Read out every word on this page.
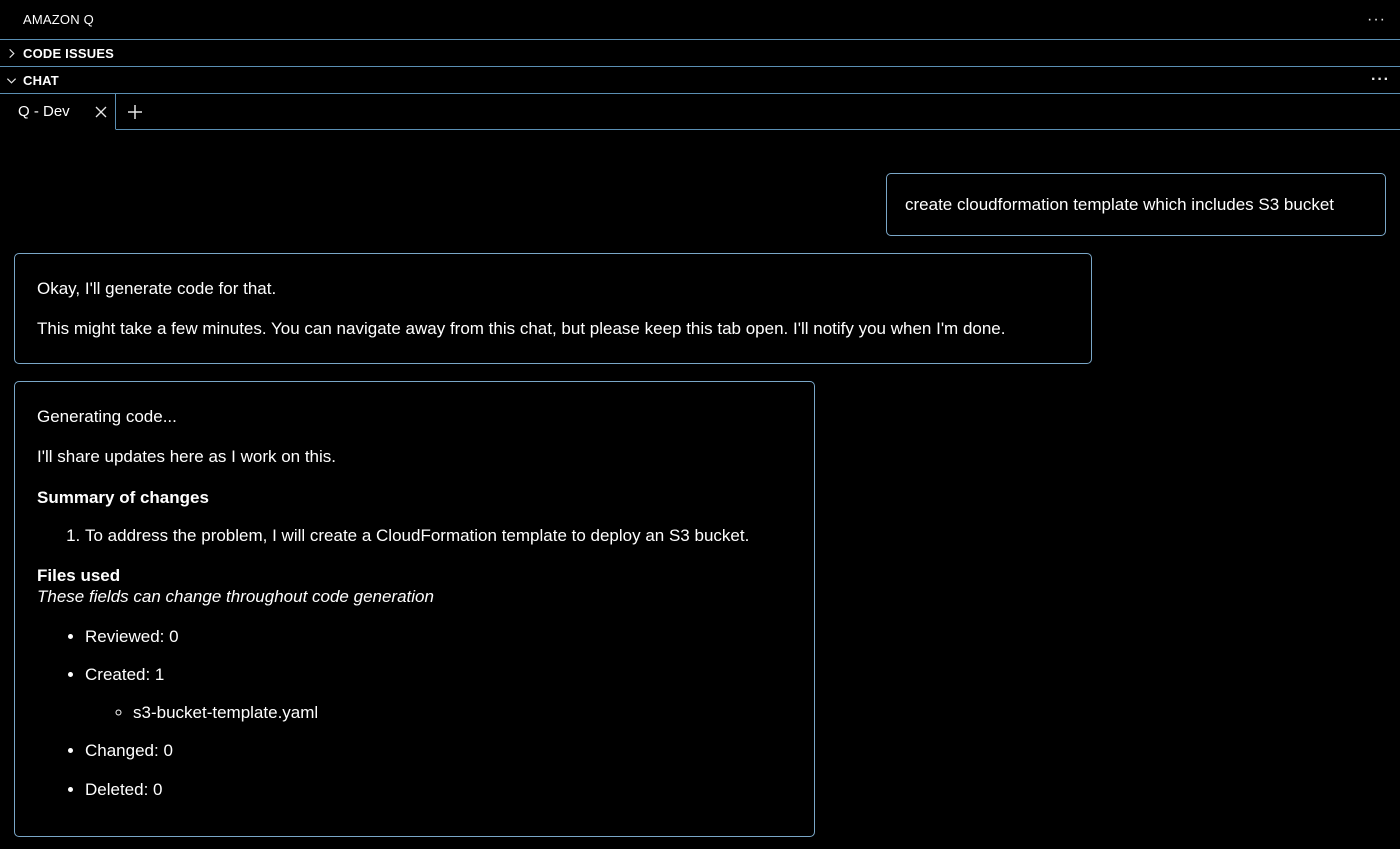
AMAZON Q	···
CODE ISSUES
CHAT	···
Q - Dev
create cloudformation template which includes S3 bucket

Okay, I'll generate code for that.

This might take a few minutes. You can navigate away from this chat, but please keep this tab open. I'll notify you when I'm done.

Generating code...

I'll share updates here as I work on this.

Summary of changes

1. To address the problem, I will create a CloudFormation template to deploy an S3 bucket.

Files used

These fields can change throughout code generation

• Reviewed: 0
• Created: 1
◦ s3-bucket-template.yaml
• Changed: 0
• Deleted: 0
